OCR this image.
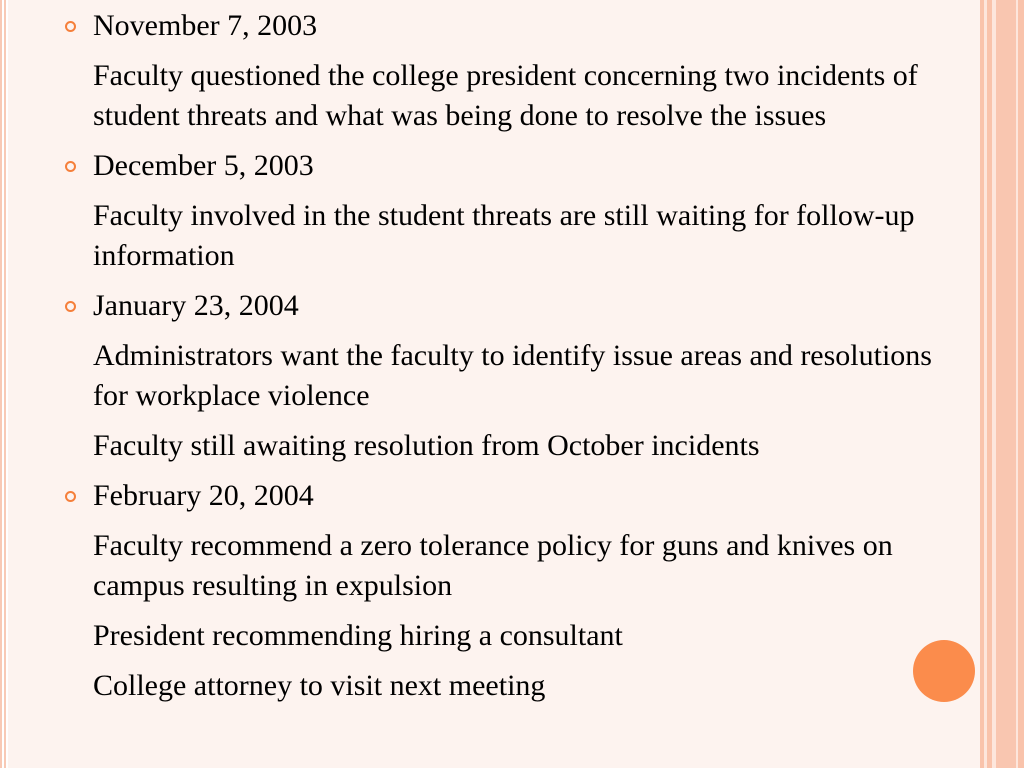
November 7, 2003
Faculty questioned the college president concerning two incidents of student threats and what was being done to resolve the issues
December 5, 2003
Faculty involved in the student threats are still waiting for follow-up information
January 23, 2004
Administrators want the faculty to identify issue areas and resolutions for workplace violence
Faculty still awaiting resolution from October incidents
February 20, 2004
Faculty recommend a zero tolerance policy for guns and knives on campus resulting in expulsion
President recommending hiring a consultant
College attorney to visit next meeting
